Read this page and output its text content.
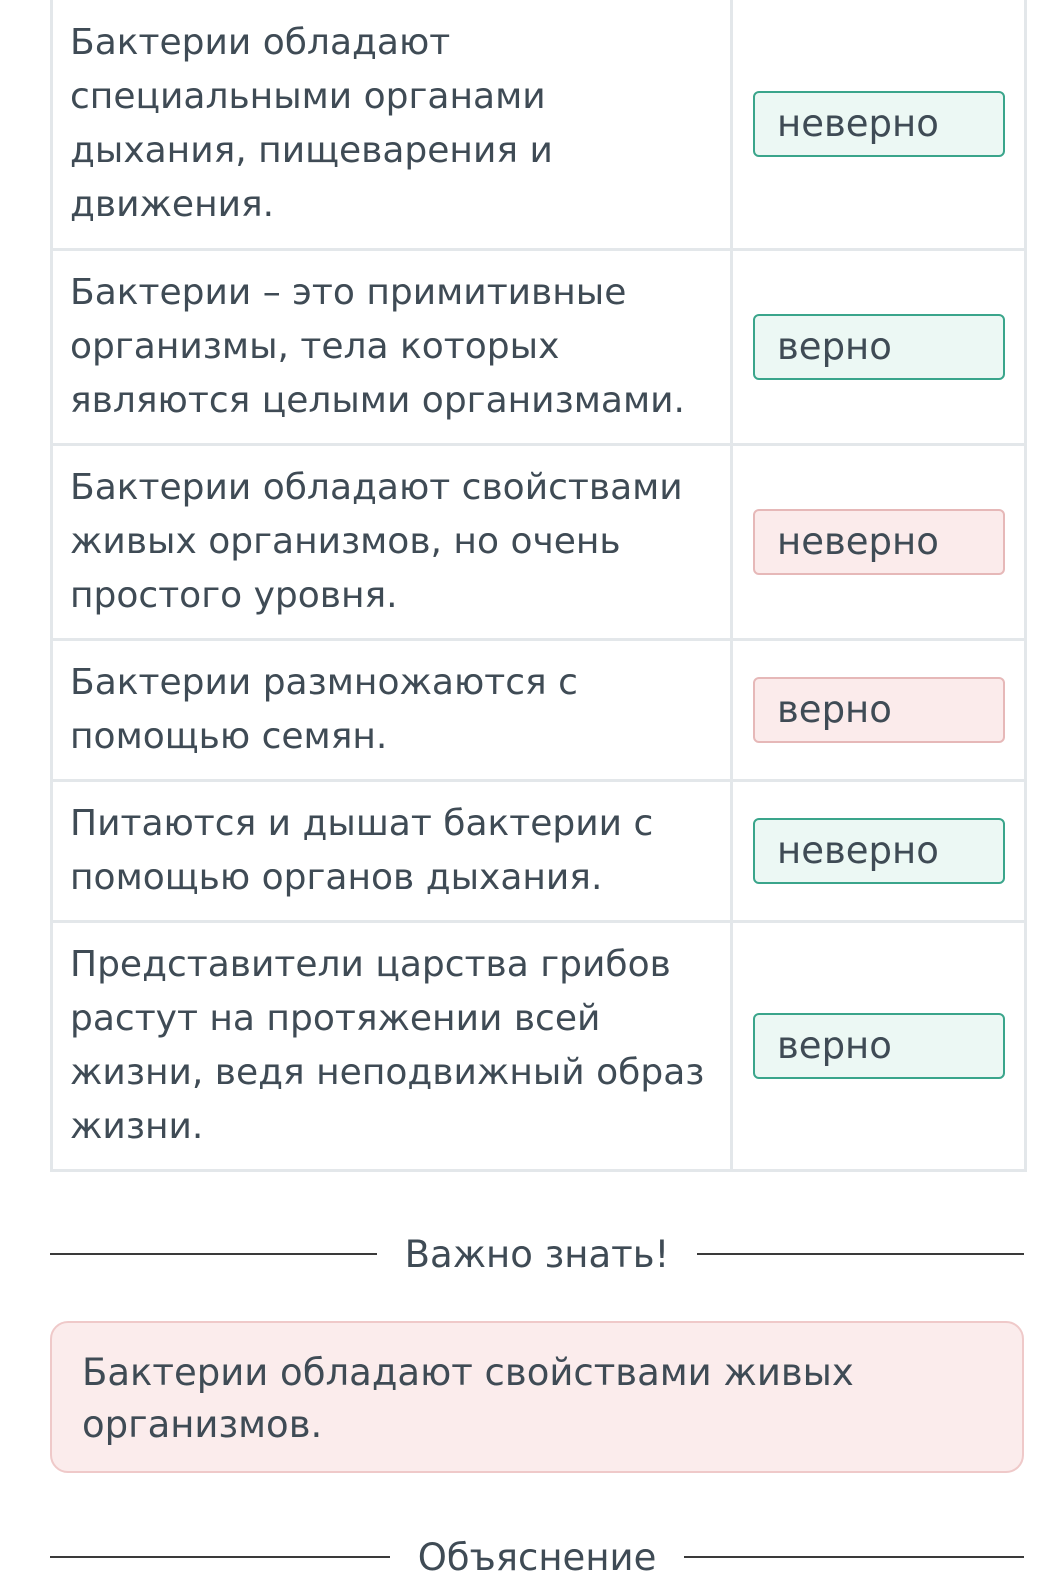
Бактерии обладают специальными органами дыхания, пищеварения и движения.	неверно

Бактерии – это примитивные организмы, тела которых являются целыми организмами.	верно

Бактерии обладают свойствами живых организмов, но очень простого уровня.	неверно

Бактерии размножаются с помощью семян.	верно

Питаются и дышат бактерии с помощью органов дыхания.	неверно

Представители царства грибов растут на протяжении всей жизни, ведя неподвижный образ жизни.	верно
Важно знать!
Бактерии обладают свойствами живых организмов.
Объяснение
